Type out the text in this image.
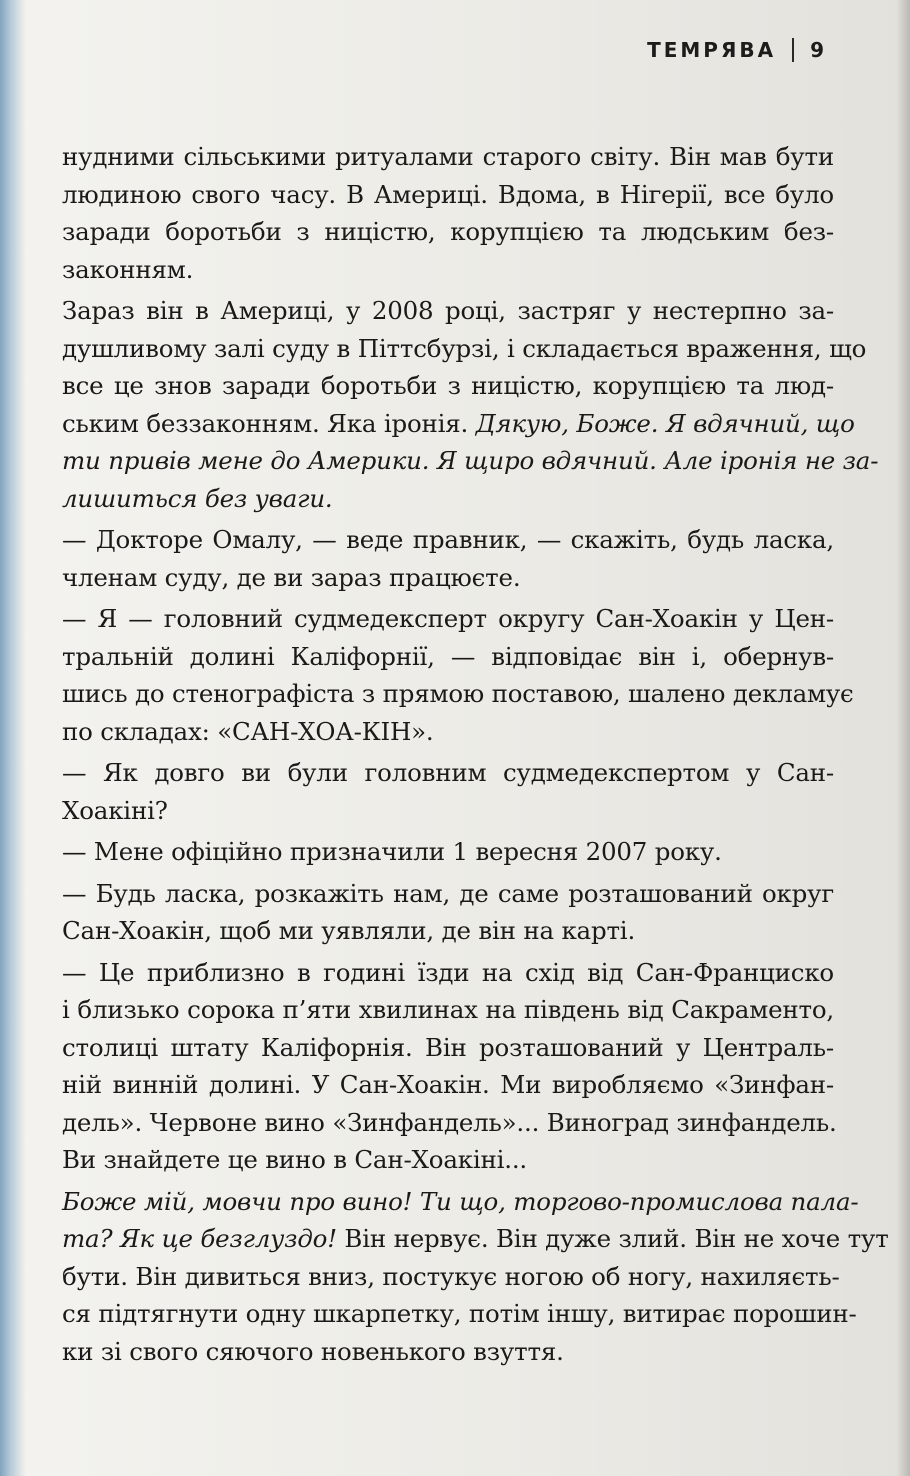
ТЕМРЯВА 9
нудними сільськими ритуалами старого світу. Він мав бути
людиною свого часу. В Америці. Вдома, в Нігерії, все було
заради боротьби з ницістю, корупцією та людським без-
законням.
Зараз він в Америці, у 2008 році, застряг у нестерпно за-
душливому залі суду в Піттсбурзі, і складається враження, що
все це знов заради боротьби з ницістю, корупцією та люд-
ським беззаконням. Яка іронія. Дякую, Боже. Я вдячний, що
ти привів мене до Америки. Я щиро вдячний. Але іронія не за-
лишиться без уваги.
— Докторе Омалу, — веде правник, — скажіть, будь ласка,
членам суду, де ви зараз працюєте.
— Я — головний судмедексперт округу Сан-Хоакін у Цен-
тральній долині Каліфорнії, — відповідає він і, обернув-
шись до стенографіста з прямою поставою, шалено декламує
по складах: «САН-ХОА-КІН».
— Як довго ви були головним судмедекспертом у Сан-
Хоакіні?
— Мене офіційно призначили 1 вересня 2007 року.
— Будь ласка, розкажіть нам, де саме розташований округ
Сан-Хоакін, щоб ми уявляли, де він на карті.
— Це приблизно в годині їзди на схід від Сан-Франциско
і близько сорока п’яти хвилинах на південь від Сакраменто,
столиці штату Каліфорнія. Він розташований у Централь-
ній винній долині. У Сан-Хоакін. Ми виробляємо «Зинфан-
дель». Червоне вино «Зинфандель»... Виноград зинфандель.
Ви знайдете це вино в Сан-Хоакіні...
Боже мій, мовчи про вино! Ти що, торгово-промислова пала-
та? Як це безглуздо! Він нервує. Він дуже злий. Він не хоче тут
бути. Він дивиться вниз, постукує ногою об ногу, нахиляєть-
ся підтягнути одну шкарпетку, потім іншу, витирає порошин-
ки зі свого сяючого новенького взуття.
